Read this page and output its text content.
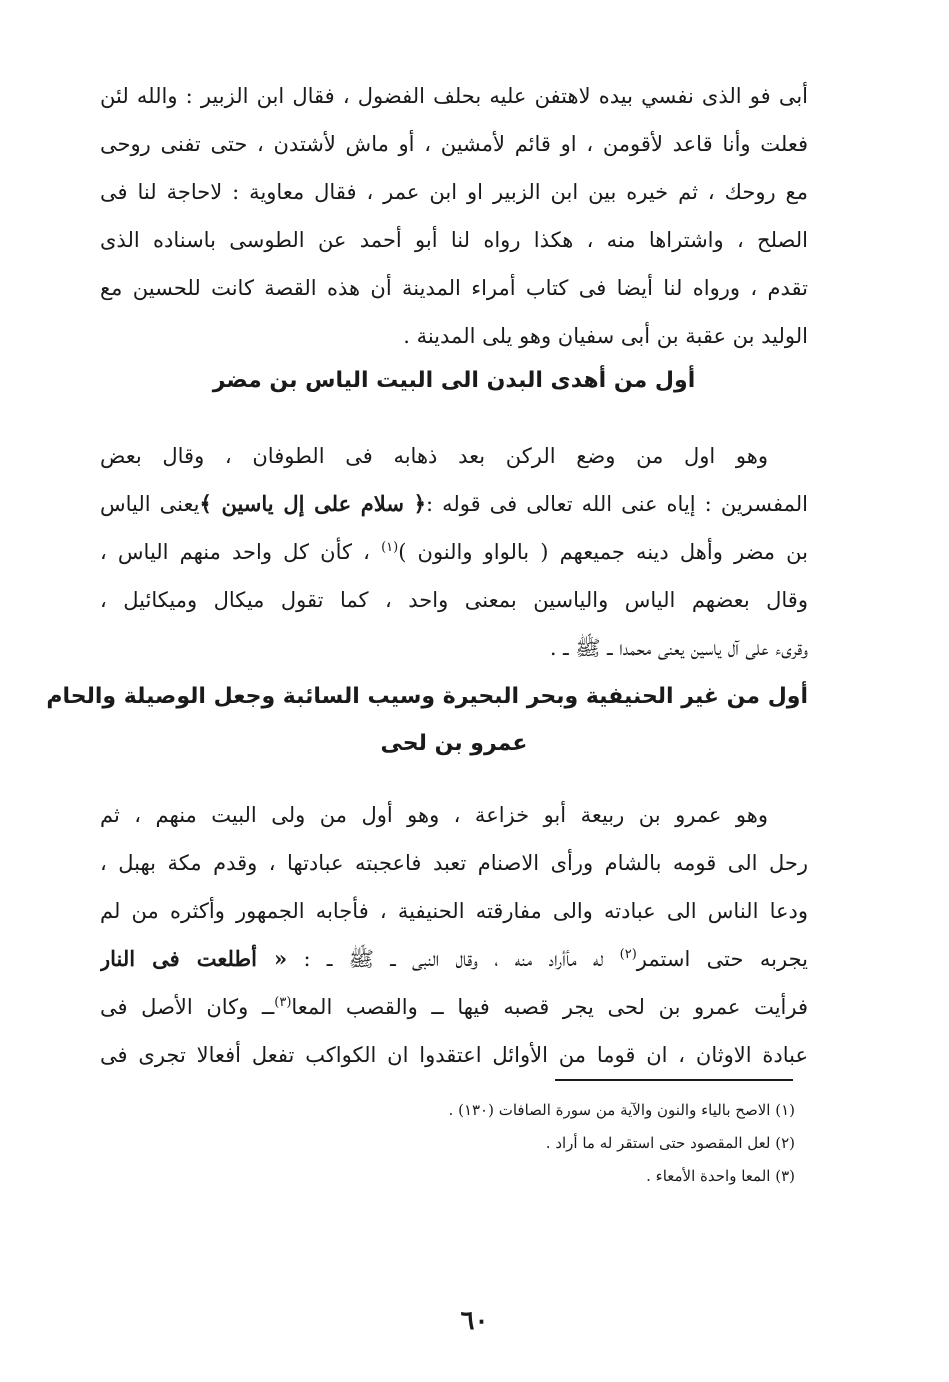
أبى فو الذى نفسي بيده لاهتفن عليه بحلف الفضول ، فقال ابن الزبير : والله لئن
فعلت وأنا قاعد لأقومن ، او قائم لأمشين ، أو ماش لأشتدن ، حتى تفنى روحى
مع روحك ، ثم خيره بين ابن الزبير او ابن عمر ، فقال معاوية : لاحاجة لنا فى
الصلح ، واشتراها منه ، هكذا رواه لنا أبو أحمد عن الطوسى باسناده الذى
تقدم ، ورواه لنا أيضا فى كتاب أمراء المدينة أن هذه القصة كانت للحسين مع
الوليد بن عقبة بن أبى سفيان وهو يلى المدينة .
أول من أهدى البدن الى البيت الياس بن مضر
وهو اول من وضع الركن بعد ذهابه فى الطوفان ، وقال بعض
المفسرين : إياه عنى الله تعالى فى قوله :﴿ سلام على إل ياسين ﴾يعنى الياس
بن مضر وأهل دينه جميعهم ( بالواو والنون )$^{(١)}$ ، كأن كل واحد منهم الياس ،
وقال بعضهم الياس والياسين بمعنى واحد ، كما تقول ميكال وميكائيل ،
وقرىء على آل ياسين يعنى محمدا ــ ﷺ ــ .
أول من غير الحنيفية وبحر البحيرة وسيب السائبة وجعل الوصيلة والحام
عمرو بن لحى
وهو عمرو بن ربيعة أبو خزاعة ، وهو أول من ولى البيت منهم ، ثم
رحل الى قومه بالشام ورأى الاصنام تعبد فاعجبته عبادتها ، وقدم مكة بهبل ،
ودعا الناس الى عبادته والى مفارقته الحنيفية ، فأجابه الجمهور وأكثره من لم
يجربه حتى استمر$^{(٢)}$ له مأأراد منه ، وقال النبى ــ ﷺ ــ : « أطلعت فى النار
فرأيت عمرو بن لحى يجر قصبه فيها ــ والقصب المعا$^{(٣)}$ــ وكان الأصل فى
عبادة الاوثان ، ان قوما من الأوائل اعتقدوا ان الكواكب تفعل أفعالا تجرى فى
(١) الاصح بالياء والنون والآية من سورة الصافات (١٣٠) .
(٢) لعل المقصود حتى استقر له ما أراد .
(٣) المعا واحدة الأمعاء .
٦٠
